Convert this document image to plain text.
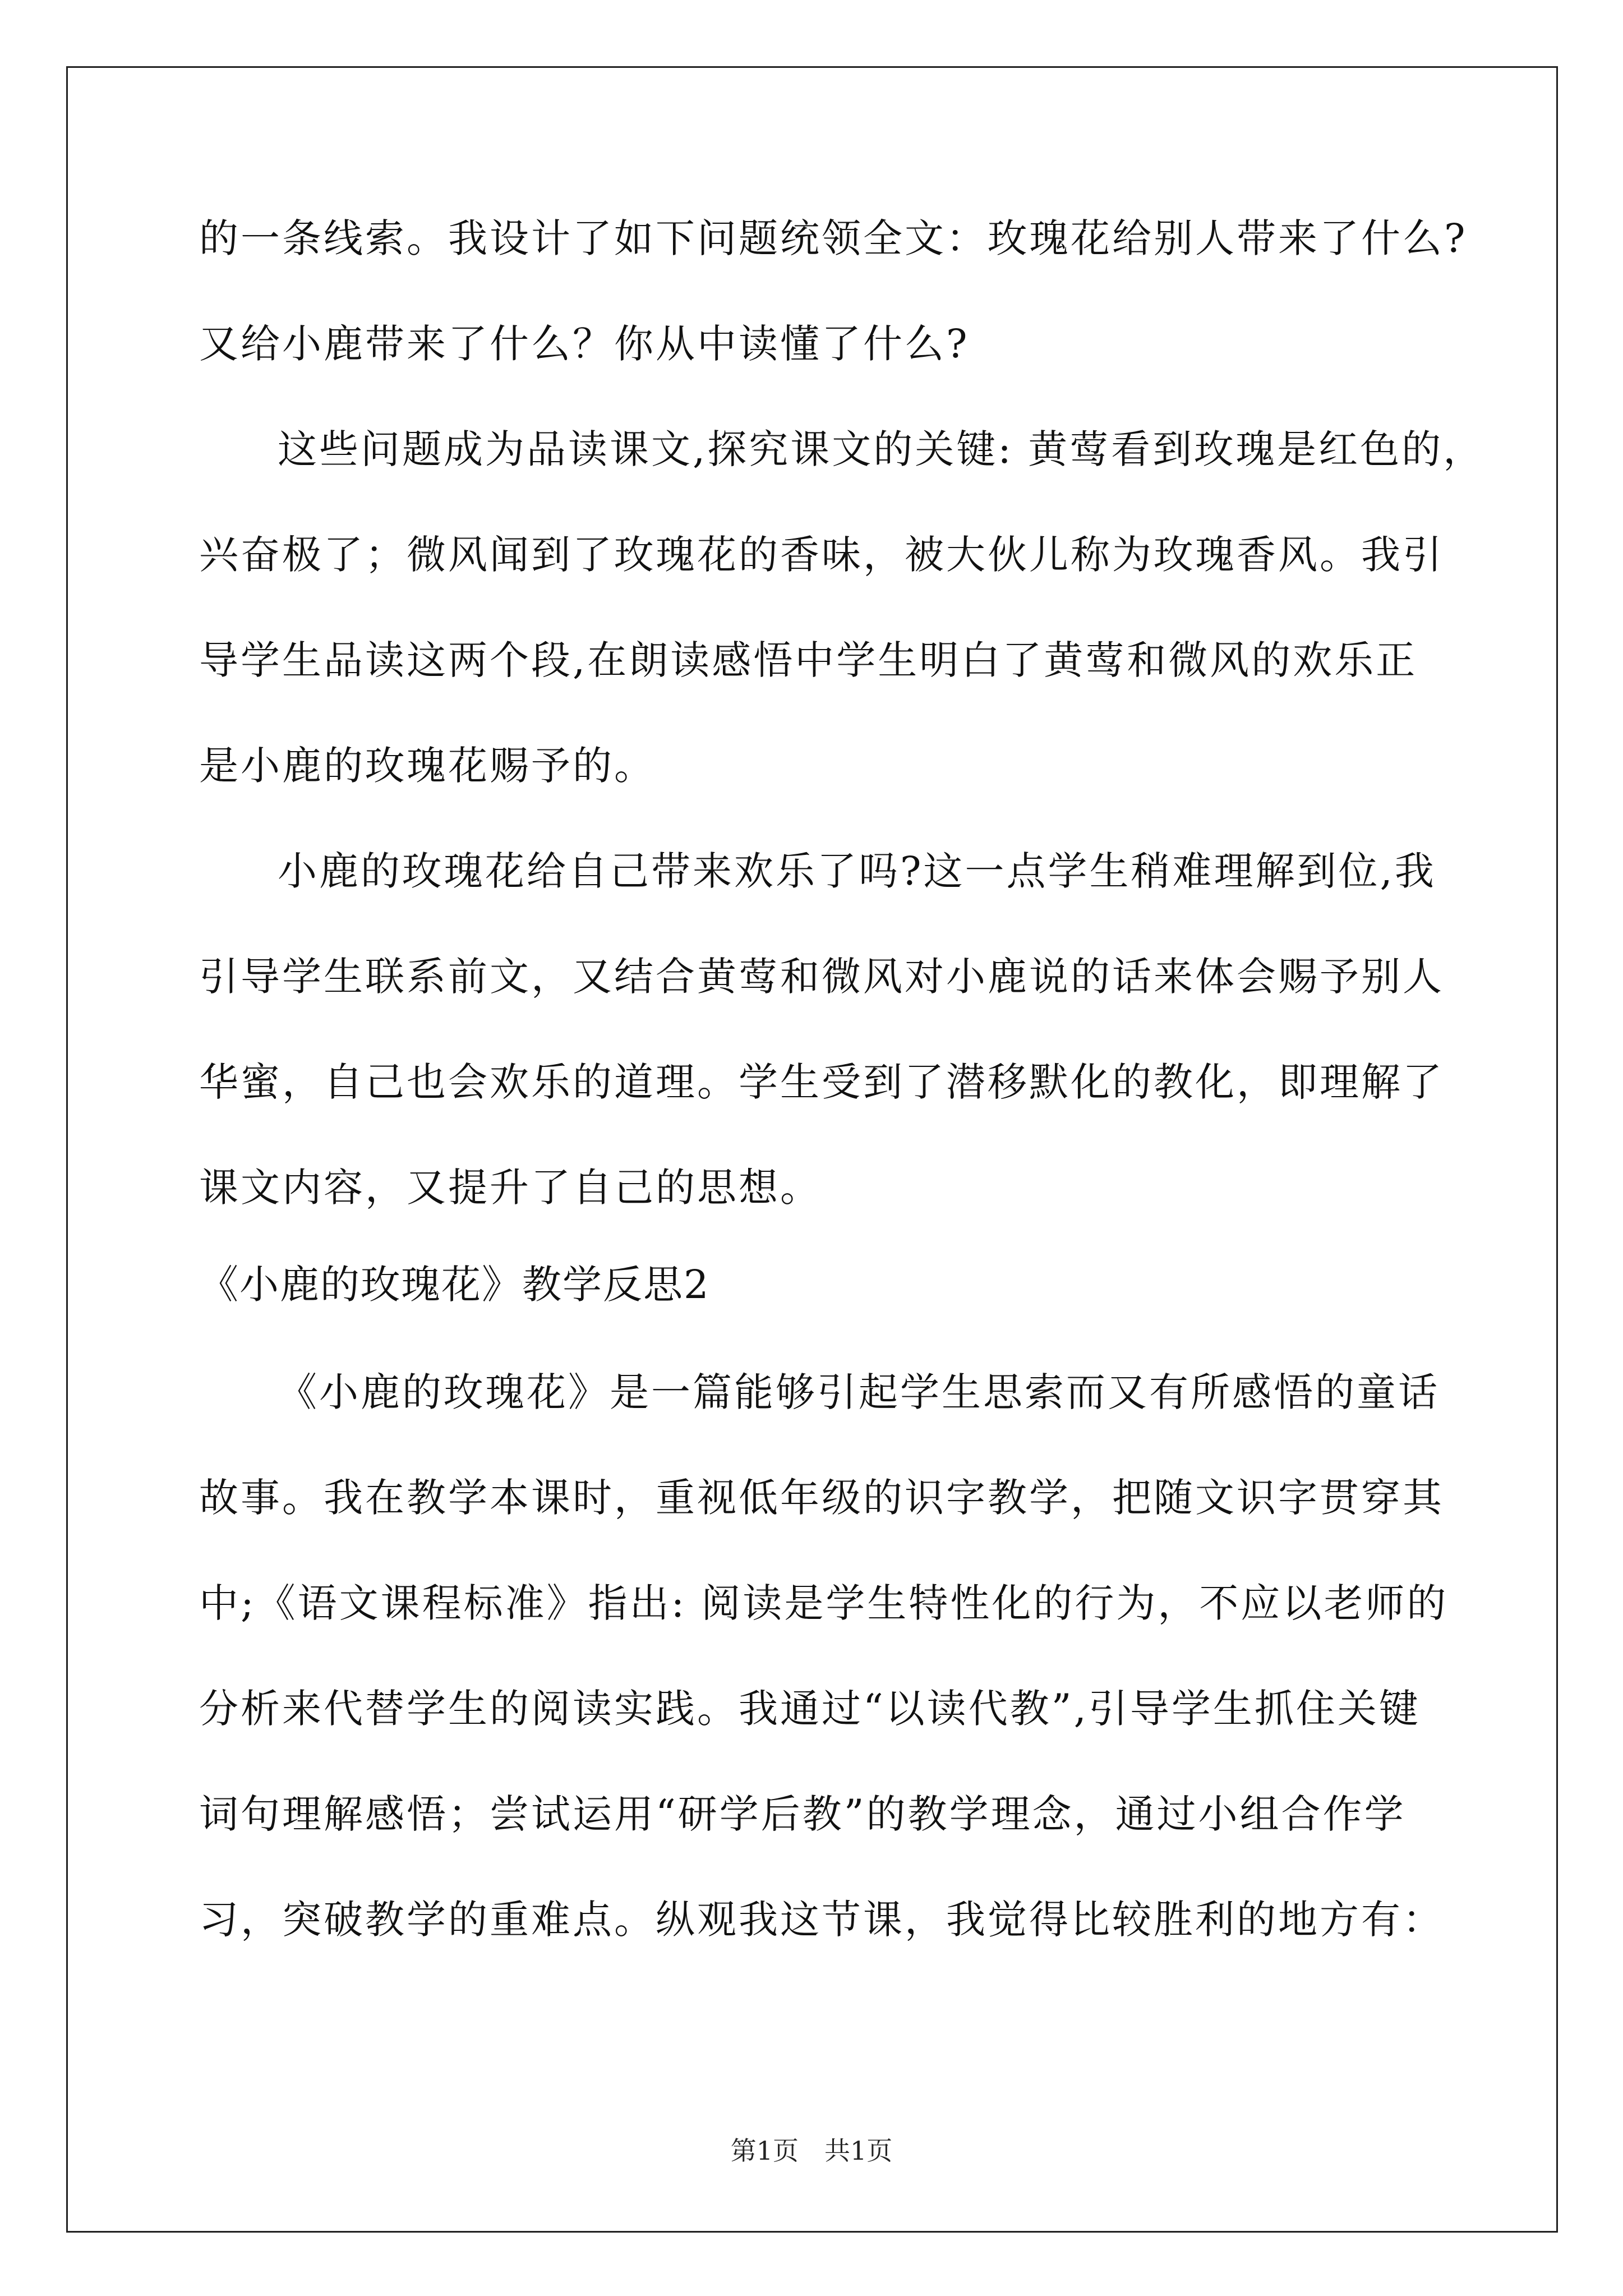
的一条线索。我设计了如下问题统领全文：玫瑰花给别人带来了什么?
又给小鹿带来了什么？你从中读懂了什么?
这些问题成为品读课文,探究课文的关键: 黄莺看到玫瑰是红色的，
兴奋极了；微风闻到了玫瑰花的香味，被大伙儿称为玫瑰香风。我引
导学生品读这两个段,在朗读感悟中学生明白了黄莺和微风的欢乐正
是小鹿的玫瑰花赐予的。
小鹿的玫瑰花给自己带来欢乐了吗?这一点学生稍难理解到位,我
引导学生联系前文，又结合黄莺和微风对小鹿说的话来体会赐予别人
华蜜，自己也会欢乐的道理。学生受到了潜移默化的教化，即理解了
课文内容，又提升了自己的思想。
《小鹿的玫瑰花》教学反思2
《小鹿的玫瑰花》是一篇能够引起学生思索而又有所感悟的童话
故事。我在教学本课时，重视低年级的识字教学，把随文识字贯穿其
中;《语文课程标准》指出: 阅读是学生特性化的行为，不应以老师的
分析来代替学生的阅读实践。我通过“以读代教”,引导学生抓住关键
词句理解感悟；尝试运用“研学后教”的教学理念，通过小组合作学
习，突破教学的重难点。纵观我这节课，我觉得比较胜利的地方有：
第1页　共1页
